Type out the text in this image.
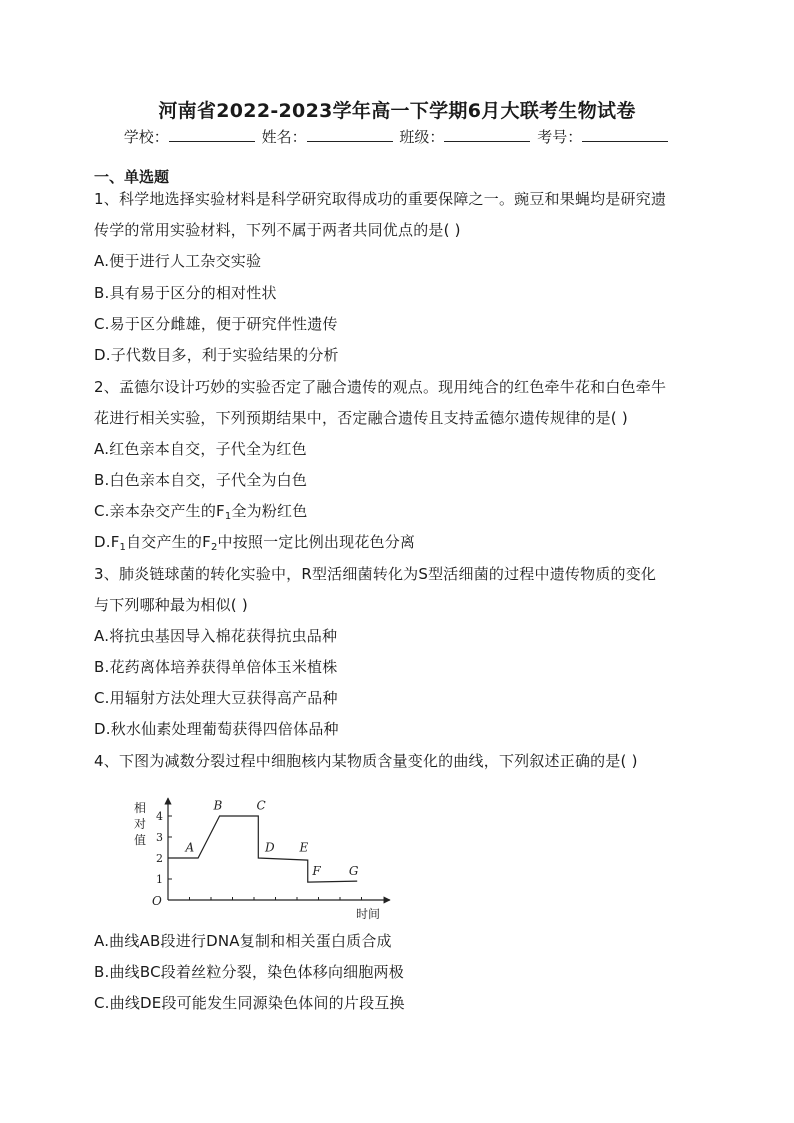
河南省2022-2023学年高一下学期6月大联考生物试卷
学校：	姓名：	班级：	考号：
一、单选题
1、科学地选择实验材料是科学研究取得成功的重要保障之一。豌豆和果蝇均是研究遗
传学的常用实验材料，下列不属于两者共同优点的是( )
A.便于进行人工杂交实验
B.具有易于区分的相对性状
C.易于区分雌雄，便于研究伴性遗传
D.子代数目多，利于实验结果的分析
2、孟德尔设计巧妙的实验否定了融合遗传的观点。现用纯合的红色牵牛花和白色牵牛
花进行相关实验，下列预期结果中，否定融合遗传且支持孟德尔遗传规律的是( )
A.红色亲本自交，子代全为红色
B.白色亲本自交，子代全为白色
C.亲本杂交产生的$F_1$全为粉红色
$D.F_1$自交产生的$F_2$中按照一定比例出现花色分离
3、肺炎链球菌的转化实验中，R型活细菌转化为S型活细菌的过程中遗传物质的变化
与下列哪种最为相似( )
A.将抗虫基因导入棉花获得抗虫品种
B.花药离体培养获得单倍体玉米植株
C.用辐射方法处理大豆获得高产品种
D.秋水仙素处理葡萄获得四倍体品种
4、下图为减数分裂过程中细胞核内某物质含量变化的曲线，下列叙述正确的是( )
相
对
值
时间
O
1
2
3
4
A
B	C
D E
F G
A.曲线AB段进行DNA复制和相关蛋白质合成
B.曲线BC段着丝粒分裂，染色体移向细胞两极
C.曲线DE段可能发生同源染色体间的片段互换
